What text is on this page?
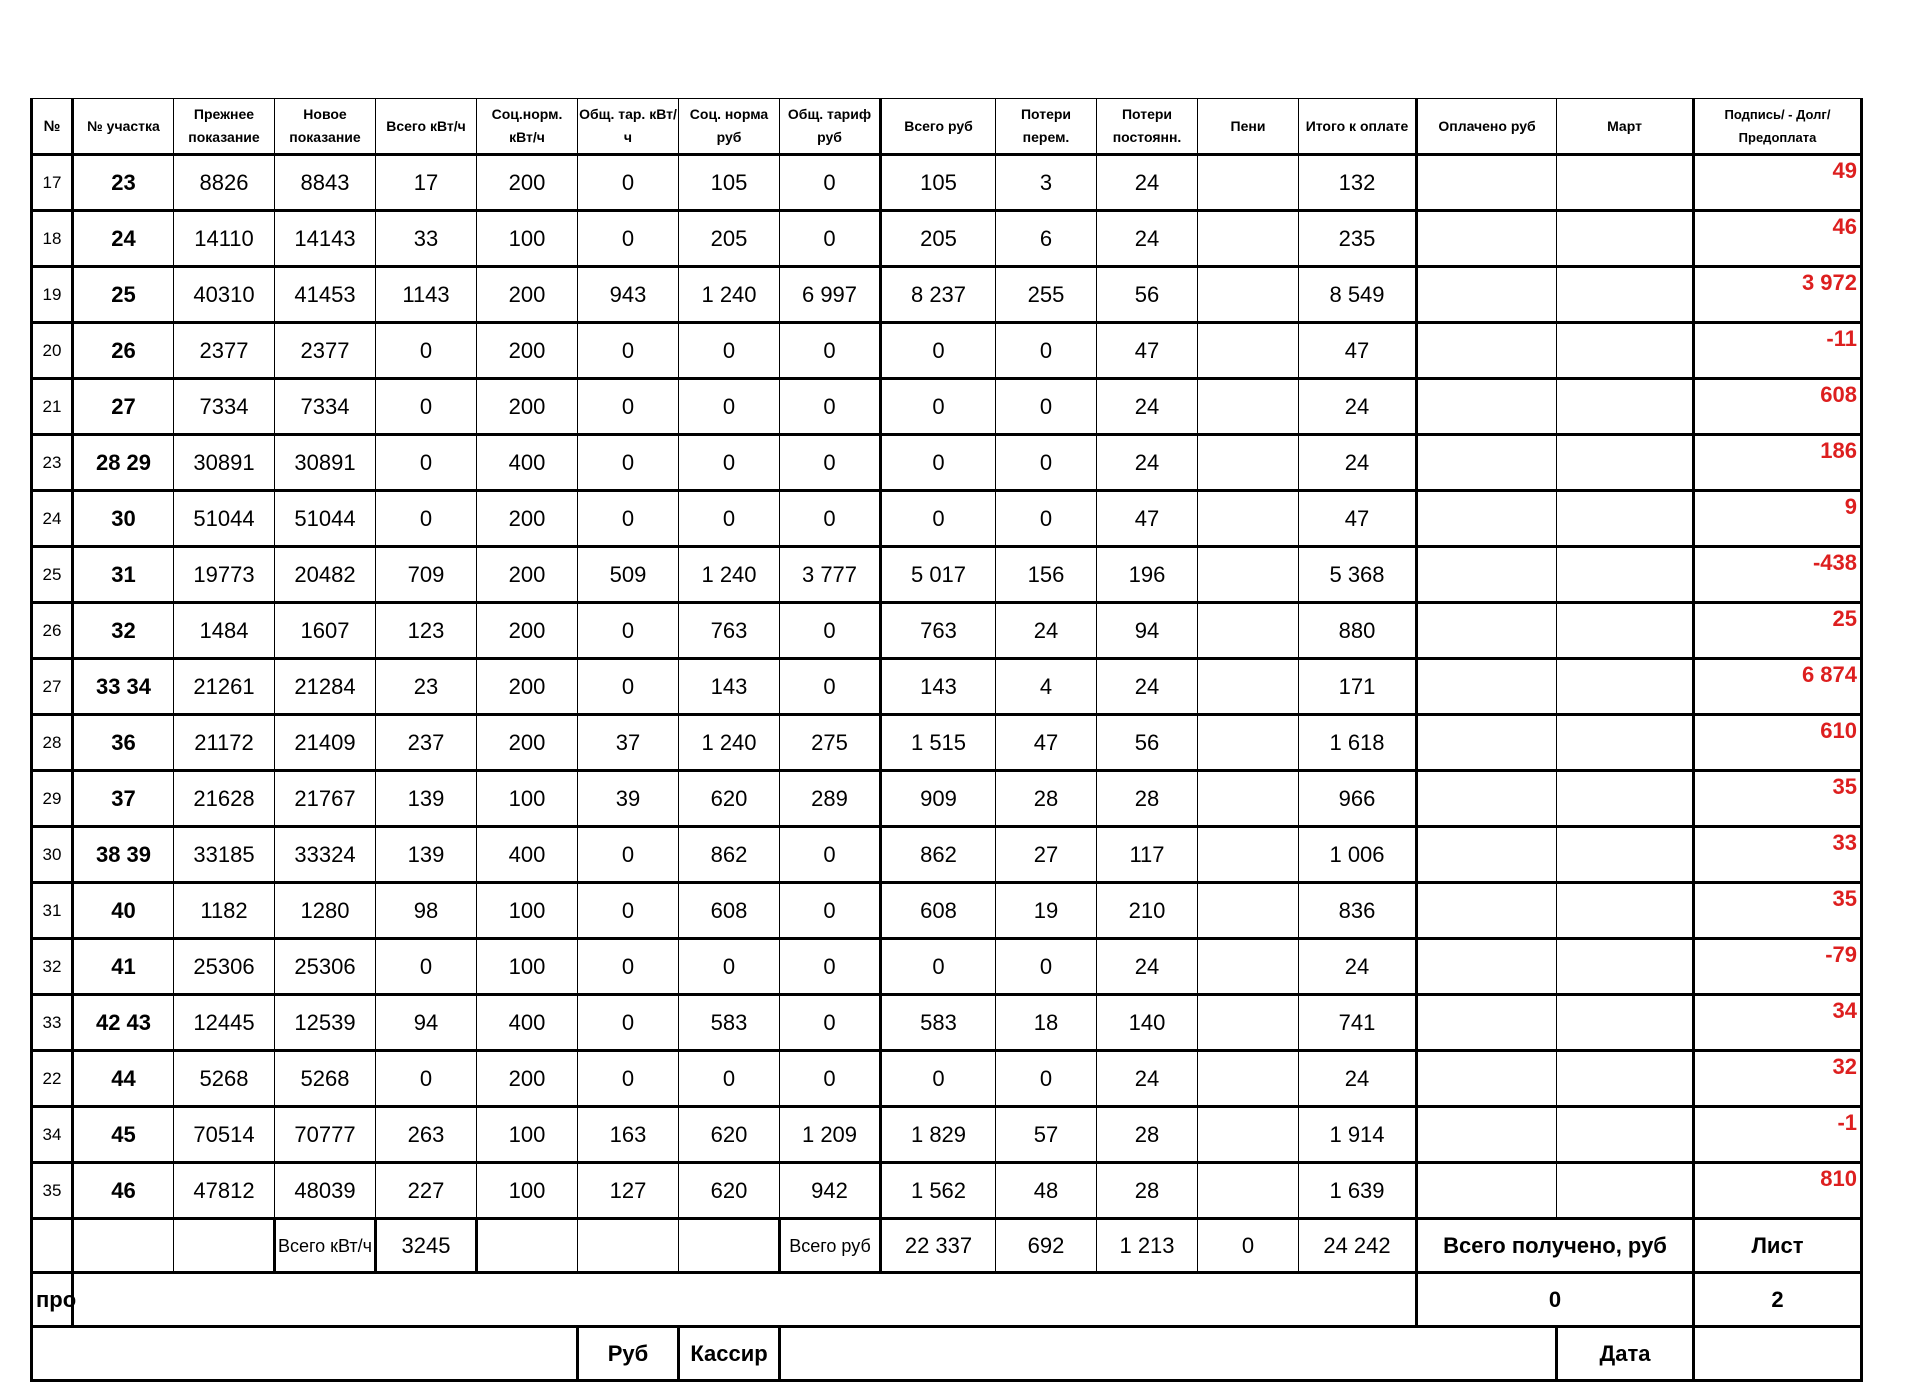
№	№ участка	Прежнее показание	Новое показание	Всего кВт/ч	Соц.норм. кВт/ч	Общ. тар. кВт/ч	Соц. норма руб	Общ. тариф руб	Всего руб	Потери перем.	Потери постоянн.	Пени	Итого к оплате	Оплачено руб	Март	Подпись/ - Долг/Предоплата
17	23	8826	8843	17	200	0	105	0	105	3	24		132			49
18	24	14110	14143	33	100	0	205	0	205	6	24		235			46
19	25	40310	41453	1143	200	943	1 240	6 997	8 237	255	56		8 549			3 972
20	26	2377	2377	0	200	0	0	0	0	0	47		47			-11
21	27	7334	7334	0	200	0	0	0	0	0	24		24			608
23	28 29	30891	30891	0	400	0	0	0	0	0	24		24			186
24	30	51044	51044	0	200	0	0	0	0	0	47		47			9
25	31	19773	20482	709	200	509	1 240	3 777	5 017	156	196		5 368			-438
26	32	1484	1607	123	200	0	763	0	763	24	94		880			25
27	33 34	21261	21284	23	200	0	143	0	143	4	24		171			6 874
28	36	21172	21409	237	200	37	1 240	275	1 515	47	56		1 618			610
29	37	21628	21767	139	100	39	620	289	909	28	28		966			35
30	38 39	33185	33324	139	400	0	862	0	862	27	117		1 006			33
31	40	1182	1280	98	100	0	608	0	608	19	210		836			35
32	41	25306	25306	0	100	0	0	0	0	0	24		24			-79
33	42 43	12445	12539	94	400	0	583	0	583	18	140		741			34
22	44	5268	5268	0	200	0	0	0	0	0	24		24			32
34	45	70514	70777	263	100	163	620	1 209	1 829	57	28		1 914			-1
35	46	47812	48039	227	100	127	620	942	1 562	48	28		1 639			810
			Всего кВт/ч	3245				Всего руб	22 337	692	1 213	0	24 242	Всего получено, руб		Лист
про														0		2
						Руб	Кассир								Дата	
